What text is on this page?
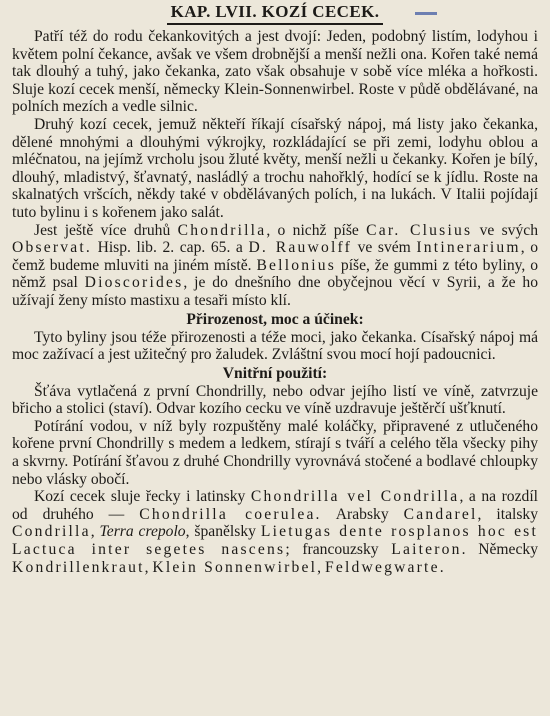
KAP. LVII. KOZÍ CECEK.

Patří též do rodu čekankovitých a jest dvojí: Jeden, podobný listím, lodyhou i květem polní čekance, avšak ve všem drobnější a menší nežli ona. Kořen také nemá tak dlouhý a tuhý, jako čekanka, zato však obsahuje v sobě více mléka a hořkosti. Sluje kozí cecek menší, německy Klein-Sonnenwirbel. Roste v půdě obdělávané, na polních mezích a vedle silnic.

Druhý kozí cecek, jemuž někteří říkají císařský nápoj, má listy jako čekanka, dělené mnohými a dlouhými výkrojky, rozkládající se při zemi, lodyhu oblou a mléčnatou, na jejímž vrcholu jsou žluté květy, menší nežli u čekanky. Kořen je bílý, dlouhý, mladistvý, šťavnatý, nasládlý a trochu nahořklý, hodící se k jídlu. Roste na skalnatých vršcích, někdy také v obdělávaných polích, i na lukách. V Italii pojídají tuto bylinu i s kořenem jako salát.

Jest ještě více druhů Chondrilla, o nichž píše Car. Clusius ve svých Observat. Hisp. lib. 2. cap. 65. a D. Rauwolff ve svém Intinerarium, o čemž budeme mluviti na jiném místě. Bellonius píše, že gummi z této byliny, o němž psal Dioscorides, je do dnešního dne obyčejnou věcí v Syrii, a že ho užívají ženy místo mastixu a tesaři místo klí.

Přirozenost, moc a účinek:

Tyto byliny jsou téže přirozenosti a téže moci, jako čekanka. Císařský nápoj má moc zažívací a jest užitečný pro žaludek. Zvláštní svou mocí hojí padoucnici.

Vnitřní použití:

Šťáva vytlačená z první Chondrilly, nebo odvar jejího listí ve víně, zatvrzuje břicho a stolici (staví). Odvar kozího cecku ve víně uzdravuje ještěrčí ušťknutí.

Potírání vodou, v níž byly rozpuštěny malé koláčky, připravené z utlučeného kořene první Chondrilly s medem a ledkem, stírají s tváří a celého těla všecky pihy a skvrny. Potírání šťavou z druhé Chondrilly vyrovnává stočené a bodlavé chloupky nebo vlásky obočí.

Kozí cecek sluje řecky i latinsky Chondrilla vel Condrilla, a na rozdíl od druhého — Chondrilla coerulea. Arabsky Candarel, italsky Condrilla, Terra crepolo, španělsky Lietugas dente rosplanos hoc est Lactuca inter segetes nascens; francouzsky Laiteron. Německy Kondrillenkraut, Klein Sonnenwirbel, Feldwegwarte.
